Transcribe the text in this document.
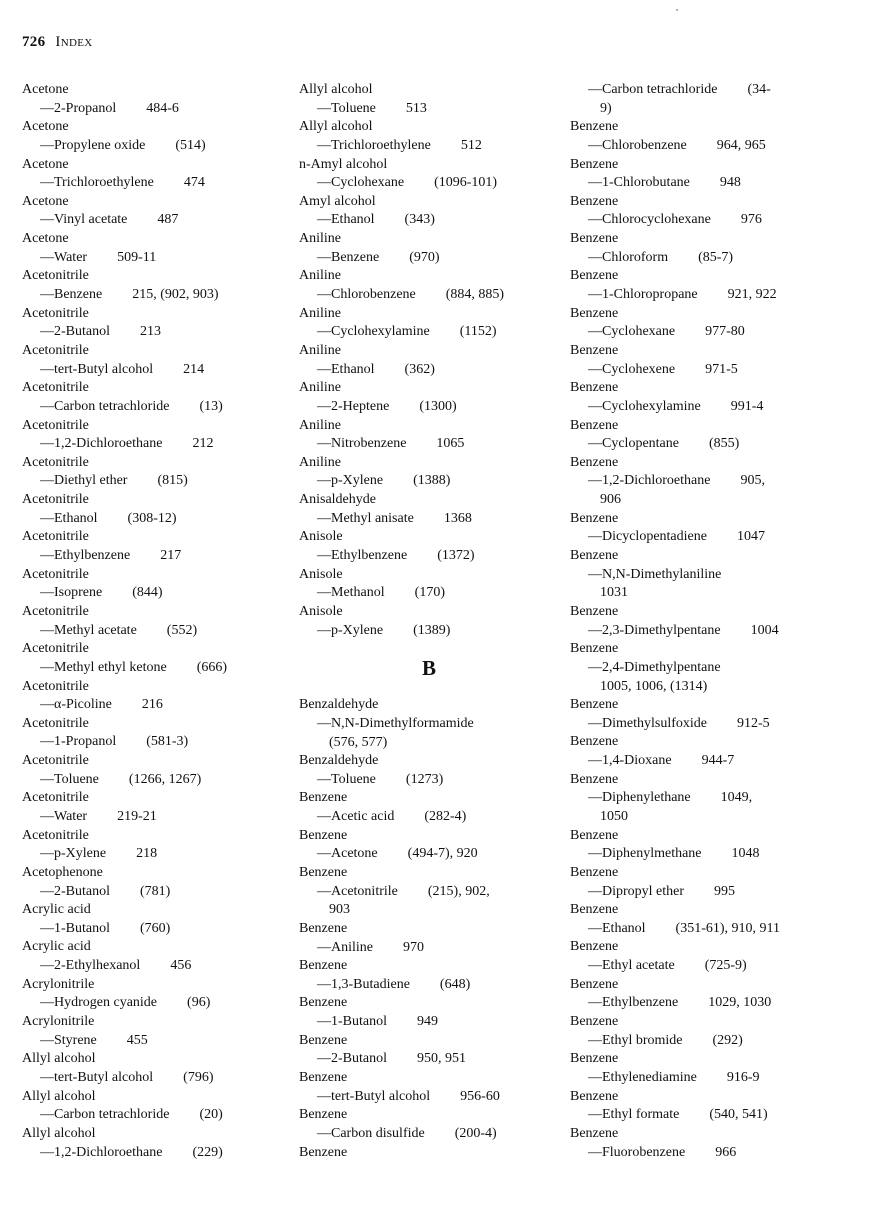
726 Index
Acetone
—2-Propanol 484-6
Acetone
—Propylene oxide (514)
Acetone
—Trichloroethylene 474
Acetone
—Vinyl acetate 487
Acetone
—Water 509-11
Acetonitrile
—Benzene 215, (902, 903)
Acetonitrile
—2-Butanol 213
Acetonitrile
—tert-Butyl alcohol 214
Acetonitrile
—Carbon tetrachloride (13)
Acetonitrile
—1,2-Dichloroethane 212
Acetonitrile
—Diethyl ether (815)
Acetonitrile
—Ethanol (308-12)
Acetonitrile
—Ethylbenzene 217
Acetonitrile
—Isoprene (844)
Acetonitrile
—Methyl acetate (552)
Acetonitrile
—Methyl ethyl ketone (666)
Acetonitrile
—α-Picoline 216
Acetonitrile
—1-Propanol (581-3)
Acetonitrile
—Toluene (1266, 1267)
Acetonitrile
—Water 219-21
Acetonitrile
—p-Xylene 218
Acetophenone
—2-Butanol (781)
Acrylic acid
—1-Butanol (760)
Acrylic acid
—2-Ethylhexanol 456
Acrylonitrile
—Hydrogen cyanide (96)
Acrylonitrile
—Styrene 455
Allyl alcohol
—tert-Butyl alcohol (796)
Allyl alcohol
—Carbon tetrachloride (20)
Allyl alcohol
—1,2-Dichloroethane (229)
Allyl alcohol
—Toluene 513
Allyl alcohol
—Trichloroethylene 512
n-Amyl alcohol
—Cyclohexane (1096-101)
Amyl alcohol
—Ethanol (343)
Aniline
—Benzene (970)
Aniline
—Chlorobenzene (884, 885)
Aniline
—Cyclohexylamine (1152)
Aniline
—Ethanol (362)
Aniline
—2-Heptene (1300)
Aniline
—Nitrobenzene 1065
Aniline
—p-Xylene (1388)
Anisaldehyde
—Methyl anisate 1368
Anisole
—Ethylbenzene (1372)
Anisole
—Methanol (170)
Anisole
—p-Xylene (1389)
B
Benzaldehyde
—N,N-Dimethylformamide
(576, 577)
Benzaldehyde
—Toluene (1273)
Benzene
—Acetic acid (282-4)
Benzene
—Acetone (494-7), 920
Benzene
—Acetonitrile (215), 902,
903
Benzene
—Aniline 970
Benzene
—1,3-Butadiene (648)
Benzene
—1-Butanol 949
Benzene
—2-Butanol 950, 951
Benzene
—tert-Butyl alcohol 956-60
Benzene
—Carbon disulfide (200-4)
Benzene
—Carbon tetrachloride (34-
9)
Benzene
—Chlorobenzene 964, 965
Benzene
—1-Chlorobutane 948
Benzene
—Chlorocyclohexane 976
Benzene
—Chloroform (85-7)
Benzene
—1-Chloropropane 921, 922
Benzene
—Cyclohexane 977-80
Benzene
—Cyclohexene 971-5
Benzene
—Cyclohexylamine 991-4
Benzene
—Cyclopentane (855)
Benzene
—1,2-Dichloroethane 905,
906
Benzene
—Dicyclopentadiene 1047
Benzene
—N,N-Dimethylaniline
1031
Benzene
—2,3-Dimethylpentane 1004
Benzene
—2,4-Dimethylpentane
1005, 1006, (1314)
Benzene
—Dimethylsulfoxide 912-5
Benzene
—1,4-Dioxane 944-7
Benzene
—Diphenylethane 1049,
1050
Benzene
—Diphenylmethane 1048
Benzene
—Dipropyl ether 995
Benzene
—Ethanol (351-61), 910, 911
Benzene
—Ethyl acetate (725-9)
Benzene
—Ethylbenzene 1029, 1030
Benzene
—Ethyl bromide (292)
Benzene
—Ethylenediamine 916-9
Benzene
—Ethyl formate (540, 541)
Benzene
—Fluorobenzene 966
